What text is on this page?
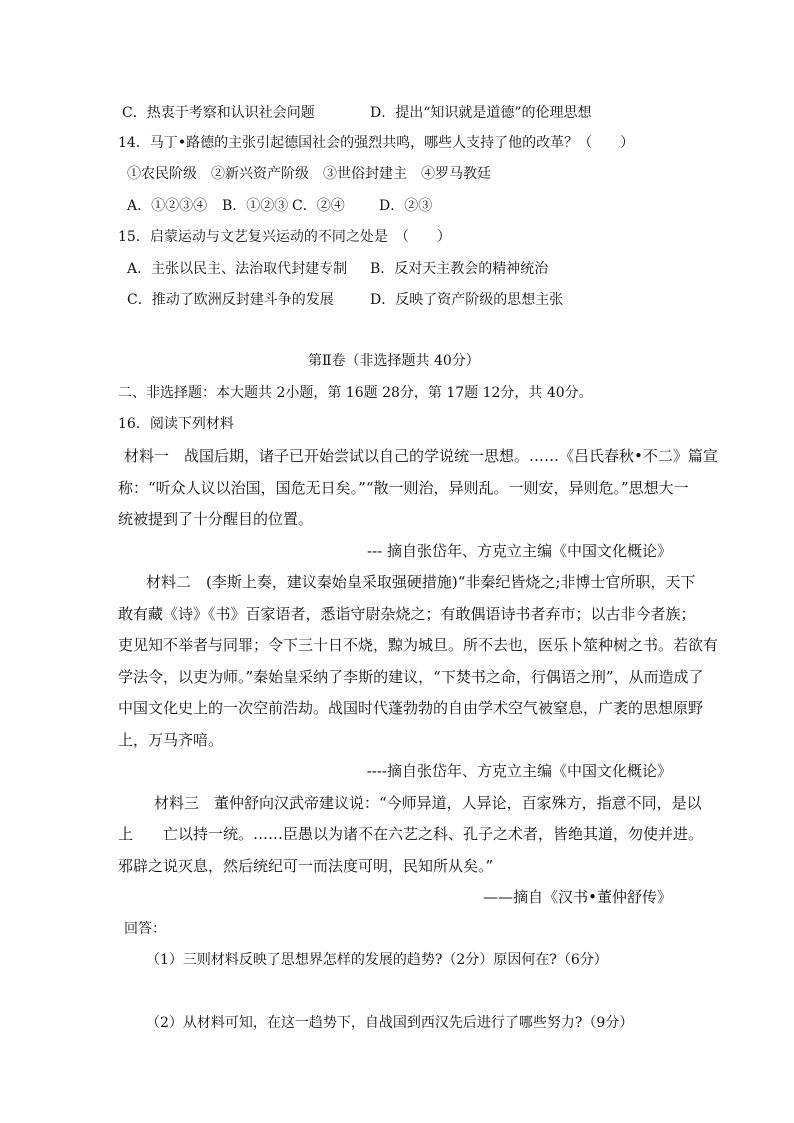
C．热衷于考察和认识社会问题	D．提出“知识就是道德”的伦理思想
14．马丁•路德的主张引起德国社会的强烈共鸣，哪些人支持了他的改革？（　　）
①农民阶级　②新兴资产阶级　③世俗封建主　④罗马教廷
A．①②③④ B．①②③ C．②④ D．②③
15．启蒙运动与文艺复兴运动的不同之处是　（　　）
A．主张以民主、法治取代封建专制 B．反对天主教会的精神统治
C．推动了欧洲反封建斗争的发展	D．反映了资产阶级的思想主张
第Ⅱ卷（非选择题共 40分）
二、非选择题：本大题共 2小题，第 16题 28分，第 17题 12分，共 40分。
16．阅读下列材料
材料一　战国后期，诸子已开始尝试以自己的学说统一思想。……《吕氏春秋•不二》篇宣
称：“听众人议以治国，国危无日矣。”“散一则治，异则乱。一则安，异则危。”思想大一
统被提到了十分醒目的位置。
--- 摘自张岱年、方克立主编《中国文化概论》
材料二　(李斯上奏，建议秦始皇采取强硬措施)“非秦纪皆烧之;非博士官所职，天下
敢有藏《诗》《书》百家语者，悉诣守尉杂烧之；有敢偶语诗书者弃市；以古非今者族；
吏见知不举者与同罪；令下三十日不烧，黥为城旦。所不去也，医乐卜筮种树之书。若欲有
学法令，以吏为师。”秦始皇采纳了李斯的建议，“下焚书之命，行偶语之刑”，从而造成了
中国文化史上的一次空前浩劫。战国时代蓬勃勃的自由学术空气被窒息，广袤的思想原野
上，万马齐喑。
----摘自张岱年、方克立主编《中国文化概论》
材料三　董仲舒向汉武帝建议说：“今师异道，人异论，百家殊方，指意不同，是以
上　　亡以持一统。……臣愚以为诸不在六艺之科、孔子之术者，皆绝其道，勿使并进。
邪辟之说灭息，然后统纪可一而法度可明，民知所从矣。”
——摘自《汉书•董仲舒传》
回答：
（1）三则材料反映了思想界怎样的发展的趋势?（2分）原因何在?（6分）
（2）从材料可知，在这一趋势下，自战国到西汉先后进行了哪些努力?（9分）
